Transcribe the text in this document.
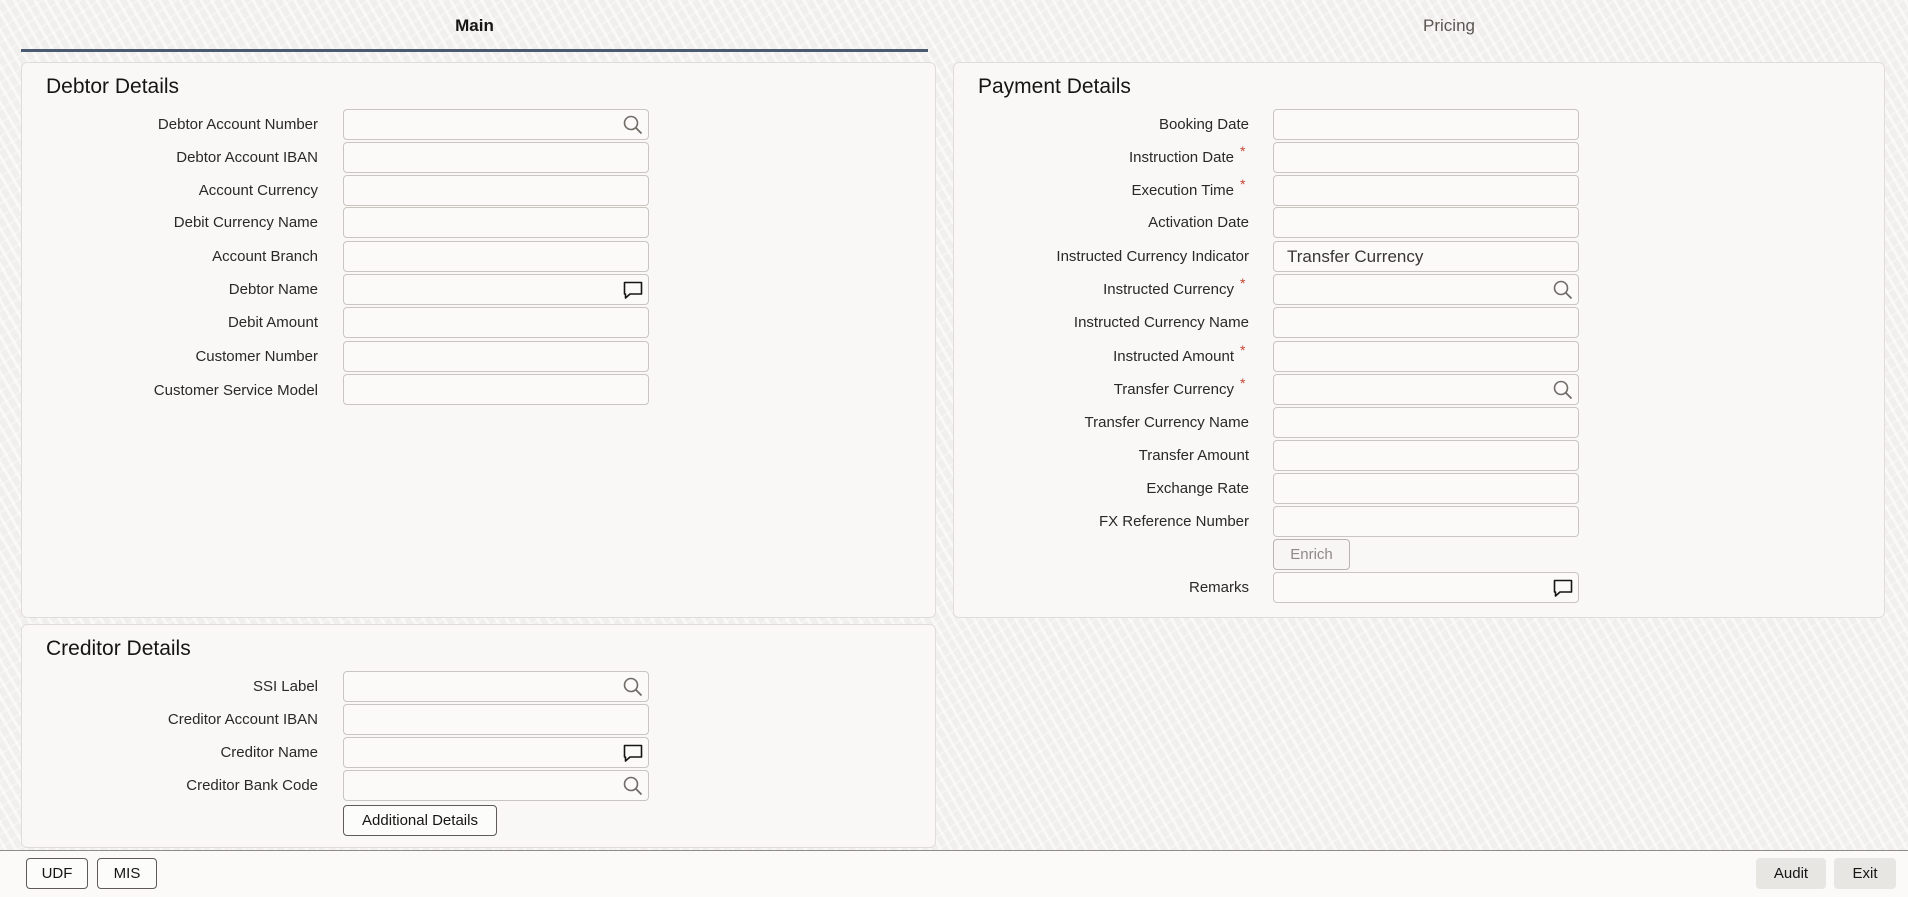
Main	Pricing
Debtor Details
Debtor Account Number
Debtor Account IBAN
Account Currency
Debit Currency Name
Account Branch
Debtor Name
Debit Amount
Customer Number
Customer Service Model
Creditor Details
SSI Label
Creditor Account IBAN
Creditor Name
Creditor Bank Code
Additional Details
Payment Details
Booking Date
Instruction Date *
Execution Time *
Activation Date
Instructed Currency Indicator	Transfer Currency
Instructed Currency *
Instructed Currency Name
Instructed Amount *
Transfer Currency *
Transfer Currency Name
Transfer Amount
Exchange Rate
FX Reference Number
Enrich
Remarks
UDF	MIS	Audit	Exit
